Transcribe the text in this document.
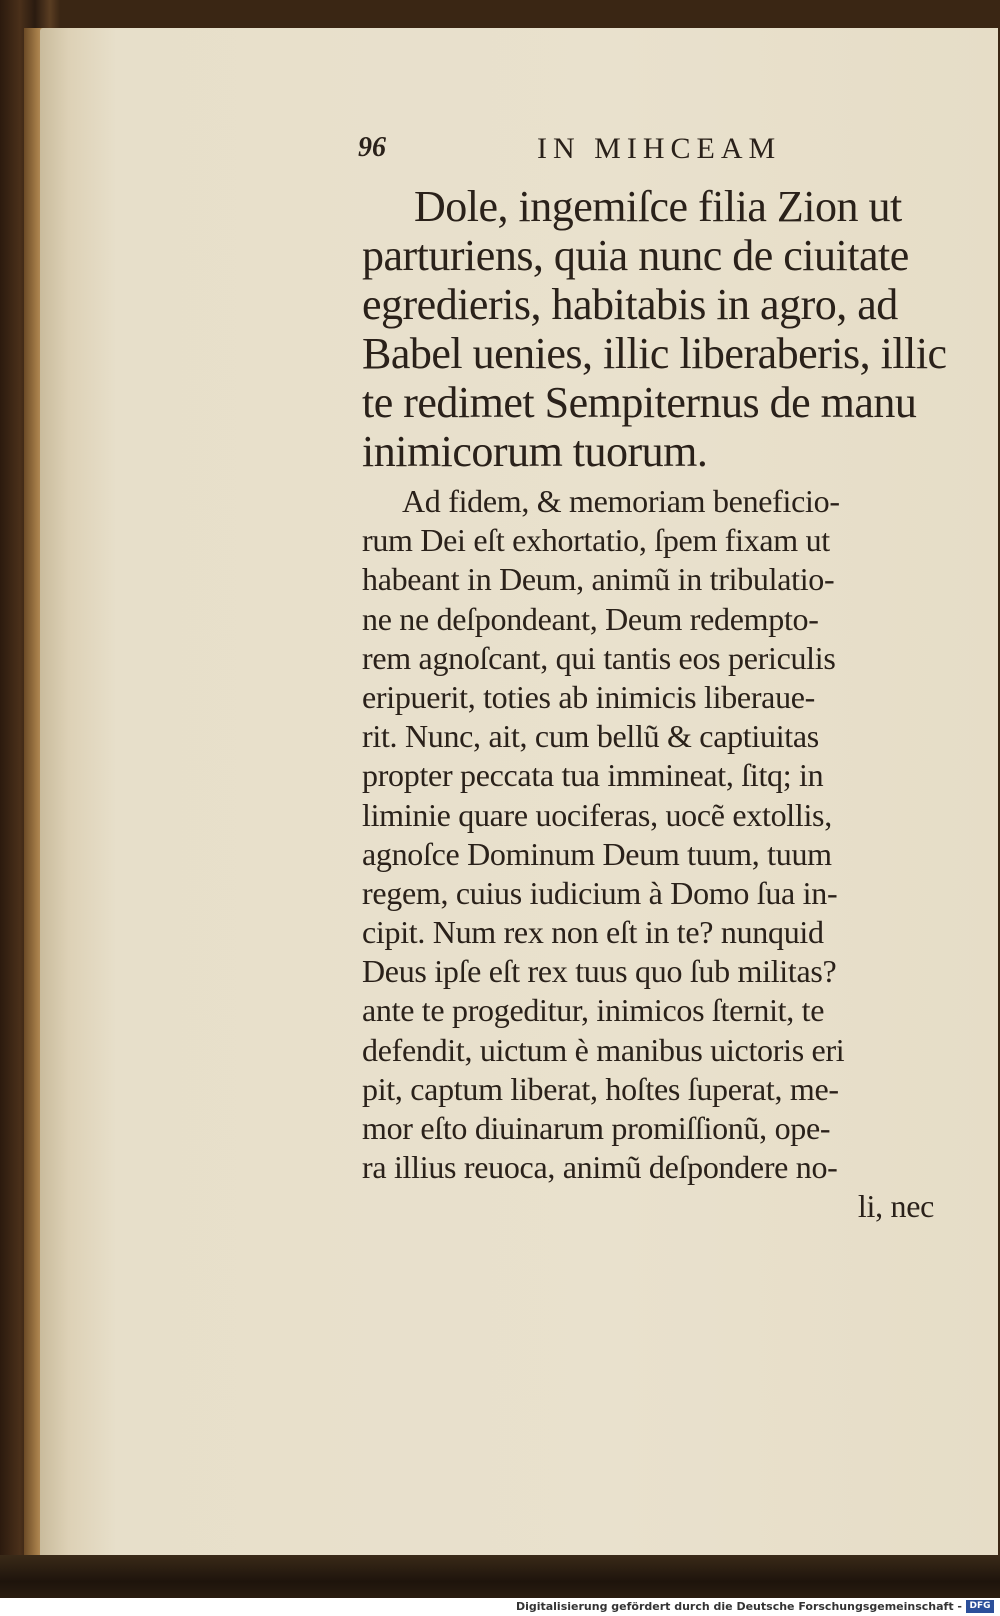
96	IN MIHCEAM
Dole, ingemiſce filia Zion ut
parturiens, quia nunc de ciuitate
egredieris, habitabis in agro, ad
Babel uenies, illic liberaberis, illic
te redimet Sempiternus de manu
inimicorum tuorum.
Ad fidem, & memoriam beneficio-
rum Dei eſt exhortatio, ſpem fixam ut
habeant in Deum, animũ in tribulatio-
ne ne deſpondeant, Deum redempto-
rem agnoſcant, qui tantis eos periculis
eripuerit, toties ab inimicis liberaue-
rit. Nunc, ait, cum bellũ & captiuitas
propter peccata tua immineat, ſitq; in
liminie quare uociferas, uocẽ extollis,
agnoſce Dominum Deum tuum, tuum
regem, cuius iudicium à Domo ſua in-
cipit. Num rex non eſt in te? nunquid
Deus ipſe eſt rex tuus quo ſub militas?
ante te progeditur, inimicos ſternit, te
defendit, uictum è manibus uictoris eri
pit, captum liberat, hoſtes ſuperat, me-
mor eſto diuinarum promiſſionũ, ope-
ra illius reuoca, animũ deſpondere no-
li, nec
Digitalisierung gefördert durch die Deutsche Forschungsgemeinschaft - DFG
